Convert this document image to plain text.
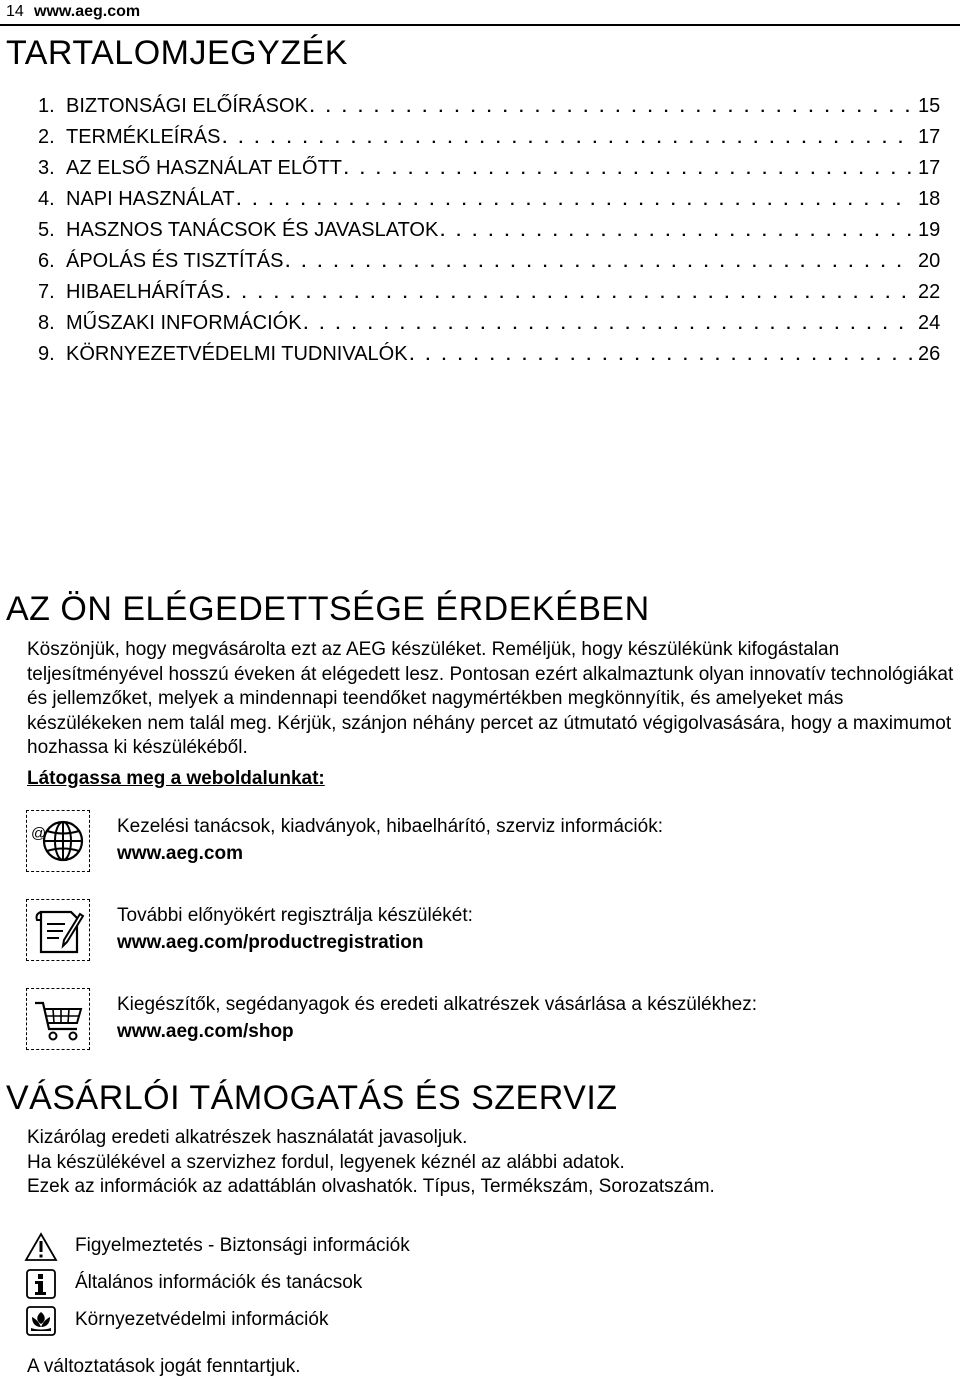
14 www.aeg.com
TARTALOMJEGYZÉK
1. BIZTONSÁGI ELŐÍRÁSOK . . .	15
2. TERMÉKLEÍRÁS . . .	17
3. AZ ELSŐ HASZNÁLAT ELŐTT . . .	17
4. NAPI HASZNÁLAT . . .	18
5. HASZNOS TANÁCSOK ÉS JAVASLATOK . . .	19
6. ÁPOLÁS ÉS TISZTÍTÁS . . .	20
7. HIBAELHÁRÍTÁS . . .	22
8. MŰSZAKI INFORMÁCIÓK . . .	24
9. KÖRNYEZETVÉDELMI TUDNIVALÓK . . .	26
AZ ÖN ELÉGEDETTSÉGE ÉRDEKÉBEN

Köszönjük, hogy megvásárolta ezt az AEG készüléket. Reméljük, hogy készülékünk kifogástalan teljesítményével hosszú éveken át elégedett lesz. Pontosan ezért alkalmaztunk olyan innovatív technológiákat és jellemzőket, melyek a mindennapi teendőket nagymértékben megkönnyítik, és amelyeket más készülékeken nem talál meg. Kérjük, szánjon néhány percet az útmutató végigolvasására, hogy a maximumot hozhassa ki készülékéből.

Látogassa meg a weboldalunkat:
@	Kezelési tanácsok, kiadványok, hibaelhárító, szerviz információk:
www.aeg.com
További előnyökért regisztrálja készülékét:
www.aeg.com/productregistration
Kiegészítők, segédanyagok és eredeti alkatrészek vásárlása a készülékhez:
www.aeg.com/shop
VÁSÁRLÓI TÁMOGATÁS ÉS SZERVIZ
Kizárólag eredeti alkatrészek használatát javasoljuk.
Ha készülékével a szervizhez fordul, legyenek kéznél az alábbi adatok.
Ezek az információk az adattáblán olvashatók. Típus, Termékszám, Sorozatszám.
Figyelmeztetés - Biztonsági információk
Általános információk és tanácsok
Környezetvédelmi információk
A változtatások jogát fenntartjuk.
